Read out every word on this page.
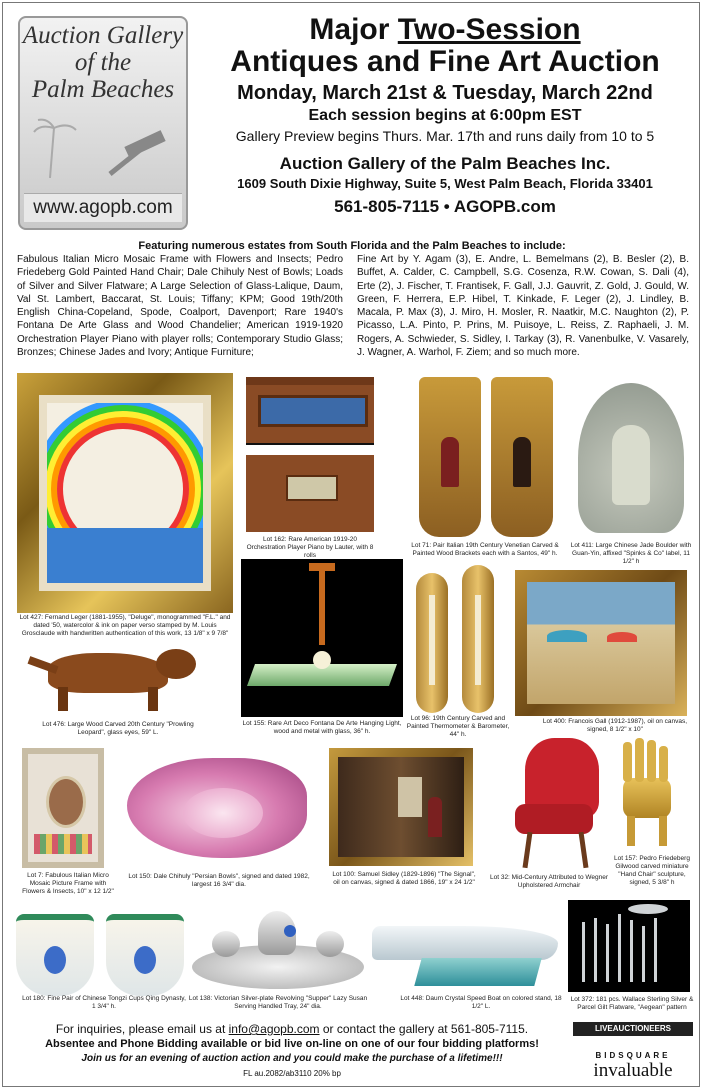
Auction Gallery
of the
Palm Beaches
www.agopb.com
Major Two-Session
Antiques and Fine Art Auction
Monday, March 21st & Tuesday, March 22nd
Each session begins at 6:00pm EST
Gallery Preview begins Thurs. Mar. 17th and runs daily from 10 to 5
Auction Gallery of the Palm Beaches Inc.
1609 South Dixie Highway, Suite 5, West Palm Beach, Florida 33401
561-805-7115 • AGOPB.com
Featuring numerous estates from South Florida and the Palm Beaches to include:
Fabulous Italian Micro Mosaic Frame with Flowers and Insects; Pedro Friedeberg Gold Painted Hand Chair; Dale Chihuly Nest of Bowls; Loads of Silver and Silver Flatware; A Large Selection of Glass-Lalique, Daum, Val St. Lambert, Baccarat, St. Louis; Tiffany; KPM; Good 19th/20th English China-Copeland, Spode, Coalport, Davenport; Rare 1940's Fontana De Arte Glass and Wood Chandelier; American 1919-1920 Orchestration Player Piano with player rolls; Contemporary Studio Glass; Bronzes; Chinese Jades and Ivory; Antique Furniture;
Fine Art by Y. Agam (3), E. Andre, L. Bemelmans (2), B. Besler (2), B. Buffet, A. Calder, C. Campbell, S.G. Cosenza, R.W. Cowan, S. Dali (4), Erte (2), J. Fischer, T. Frantisek, F. Gall, J.J. Gauvrit, Z. Gold, J. Gould, W. Green, F. Herrera, E.P. Hibel, T. Kinkade, F. Leger (2), J. Lindley, B. Macala, P. Max (3), J. Miro, H. Mosler, R. Naatkir, M.C. Naughton (2), P. Picasso, L.A. Pinto, P. Prins, M. Puisoye, L. Reiss, Z. Raphaeli, J. M. Rogers, A. Schwieder, S. Sidley, I. Tarkay (3), R. Vanenbulke, V. Vasarely, J. Wagner, A. Warhol, F. Ziem; and so much more.
Lot 427: Fernand Leger (1881-1955), "Deluge", monogrammed "F.L." and dated '50, watercolor & ink on paper verso stamped by M. Louis Grosclaude with handwritten authentication of this work, 13 1/8" x 9 7/8"
Lot 162: Rare American 1919-20 Orchestration Player Piano by Lauter, with 8 rolls
Lot 71: Pair Italian 19th Century Venetian Carved & Painted Wood Brackets each with a Santos, 49" h.
Lot 411: Large Chinese Jade Boulder with Guan-Yin, affixed "Spinks & Co" label, 11 1/2" h
Lot 155: Rare Art Deco Fontana De Arte Hanging Light, wood and metal with glass, 36" h.
Lot 476: Large Wood Carved 20th Century "Prowling Leopard", glass eyes, 59" L.
Lot 96: 19th Century Carved and Painted Thermometer & Barometer, 44" h.
Lot 400: Francois Gall (1912-1987), oil on canvas, signed, 8 1/2" x 10"
Lot 7: Fabulous Italian Micro Mosaic Picture Frame with Flowers & Insects, 10" x 12 1/2"
Lot 150: Dale Chihuly "Persian Bowls", signed and dated 1982, largest 16 3/4" dia.
Lot 100: Samuel Sidley (1829-1896) "The Signal", oil on canvas, signed & dated 1866, 19" x 24 1/2"
Lot 32: Mid-Century Attributed to Wegner Upholstered Armchair
Lot 157: Pedro Friedeberg Gilwood carved miniature "Hand Chair" sculpture, signed, 5 3/8" h
Lot 180: Fine Pair of Chinese Tongzi Cups Qing Dynasty, 1 3/4" h.
Lot 138: Victorian Silver-plate Revolving "Supper" Lazy Susan Serving Handled Tray, 24" dia.
Lot 448: Daum Crystal Speed Boat on colored stand, 18 1/2" L.
Lot 372: 181 pcs. Wallace Sterling Silver & Parcel Gilt Flatware, "Aegean" pattern
For inquiries, please email us at info@agopb.com or contact the gallery at 561-805-7115.
Absentee and Phone Bidding available or bid live on-line on one of our four bidding platforms!
Join us for an evening of auction action and you could make the purchase of a lifetime!!!
FL au.2082/ab3110 20% bp
LIVEAUCTIONEERS
BIDSQUARE
invaluable
